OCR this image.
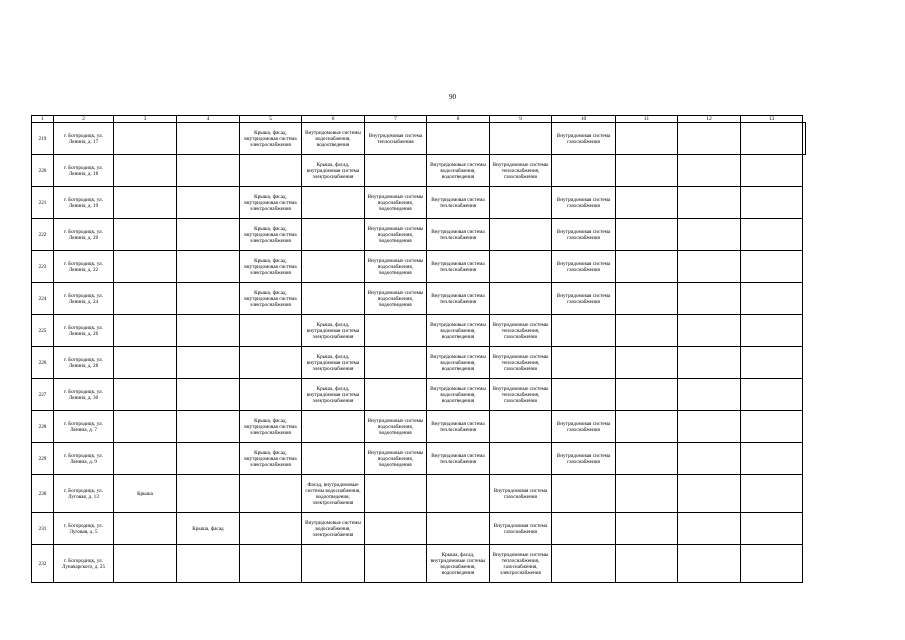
90
1	2	3	4	5	6	7	8	9	10	11	12	13	
219	г. Богородицк, ул. Ленина, д. 17			Крыша, фасад, внутридомовая система электроснабжения	Внутридомовые системы водоснабжения, водоотведения	Внутридомовая система теплоснабжения			Внутридомовая система газоснабжения				
220	г. Богородицк, ул. Ленина, д. 18				Крыша, фасад, внутридомовая система электроснабжения		Внутридомовые системы водоснабжения, водоотведения	Внутридомовые системы теплоснабжения, газоснабжения					
221	г. Богородицк, ул. Ленина, д. 19			Крыша, фасад, внутридомовая система электроснабжения		Внутридомовые системы водоснабжения, водоотведения	Внутридомовая система теплоснабжения		Внутридомовая система газоснабжения				
222	г. Богородицк, ул. Ленина, д. 20			Крыша, фасад, внутридомовая система электроснабжения		Внутридомовые системы водоснабжения, водоотведения	Внутридомовая система теплоснабжения		Внутридомовая система газоснабжения				
223	г. Богородицк, ул. Ленина, д. 22			Крыша, фасад, внутридомовая система электроснабжения		Внутридомовые системы водоснабжения, водоотведения	Внутридомовая система теплоснабжения		Внутридомовая система газоснабжения				
224	г. Богородицк, ул. Ленина, д. 24			Крыша, фасад, внутридомовая система электроснабжения		Внутридомовые системы водоснабжения, водоотведения	Внутридомовая система теплоснабжения		Внутридомовая система газоснабжения				
225	г. Богородицк, ул. Ленина, д. 26				Крыша, фасад, внутридомовая система электроснабжения		Внутридомовые системы водоснабжения, водоотведения	Внутридомовые системы теплоснабжения, газоснабжения					
226	г. Богородицк, ул. Ленина, д. 28				Крыша, фасад, внутридомовая система электроснабжения		Внутридомовые системы водоснабжения, водоотведения	Внутридомовые системы теплоснабжения, газоснабжения					
227	г. Богородицк, ул. Ленина, д. 30				Крыша, фасад, внутридомовая система электроснабжения		Внутридомовые системы водоснабжения, водоотведения	Внутридомовые системы теплоснабжения, газоснабжения					
228	г. Богородицк, ул. Ленина, д. 7			Крыша, фасад, внутридомовая система электроснабжения		Внутридомовые системы водоснабжения, водоотведения	Внутридомовая система теплоснабжения		Внутридомовая система газоснабжения				
229	г. Богородицк, ул. Ленина, д. 9			Крыша, фасад, внутридомовая система электроснабжения		Внутридомовые системы водоснабжения, водоотведения	Внутридомовая система теплоснабжения		Внутридомовая система газоснабжения				
230	г. Богородицк, ул. Луговая, д. 13	Крыша			Фасад, внутридомовые системы водоснабжения, водоотведения, электроснабжения			Внутридомовая система газоснабжения					
231	г. Богородицк, ул. Луговая, д. 5		Крыша, фасад		Внутридомовые системы водоснабжения, электроснабжения			Внутридомовая система газоснабжения					
232	г. Богородицк, ул. Луначарского, д. 25						Крыша, фасад, внутридомовые системы водоснабжения, водоотведения	Внутридомовые системы теплоснабжения, газоснабжения, электроснабжения					
